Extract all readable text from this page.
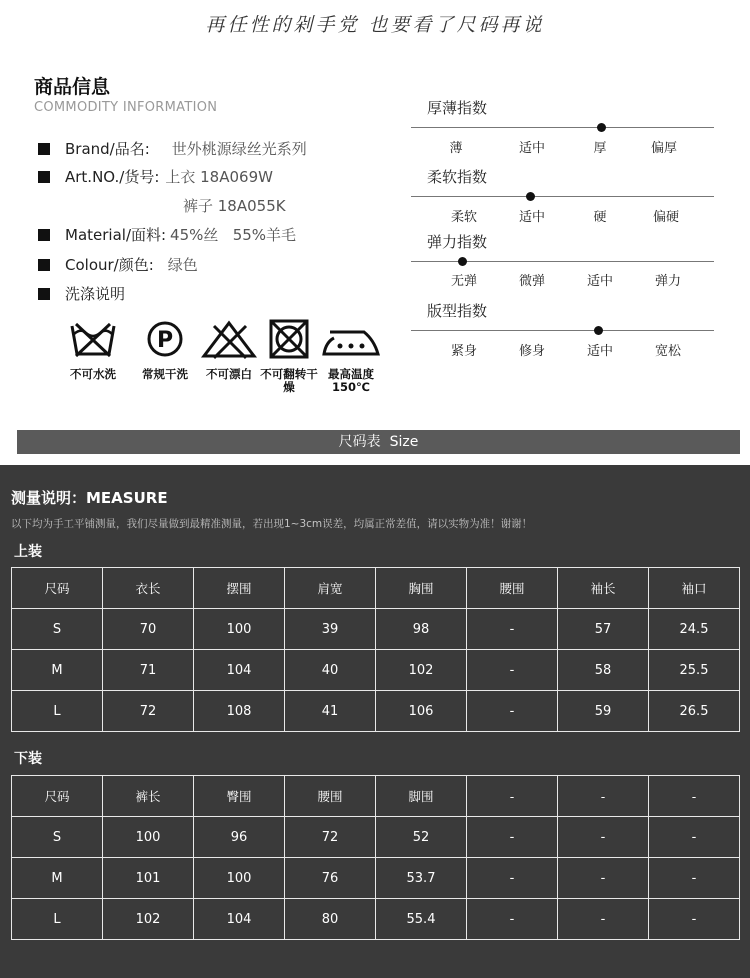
再任性的剁手党 也要看了尺码再说
商品信息
COMMODITY INFORMATION
Brand/品名: 世外桃源绿丝光系列
Art.NO./货号: 上衣 18A069W
裤子 18A055K
Material/面料: 45%丝   55%羊毛
Colour/颜色: 绿色
洗涤说明
不可水洗
P
常规干洗	不可漂白 不可翻转干燥
最高温度150℃
厚薄指数
薄	适中	厚	偏厚
柔软指数
柔软	适中	硬	偏硬
弹力指数
无弹	微弹	适中	弹力
版型指数
紧身	修身	适中	宽松
尺码表  Size
测量说明：MEASURE
以下均为手工平铺测量，我们尽量做到最精准测量，若出现1~3cm误差，均属正常差值，请以实物为准！谢谢！
上装
尺码	衣长	摆围	肩宽	胸围	腰围	袖长	袖口
S	70	100	39	98	-	57	24.5
M	71	104	40	102	-	58	25.5
L	72	108	41	106	-	59	26.5
下装
尺码	裤长	臀围	腰围	脚围	-	-	-
S	100	96	72	52	-	-	-
M	101	100	76	53.7	-	-	-
L	102	104	80	55.4	-	-	-
